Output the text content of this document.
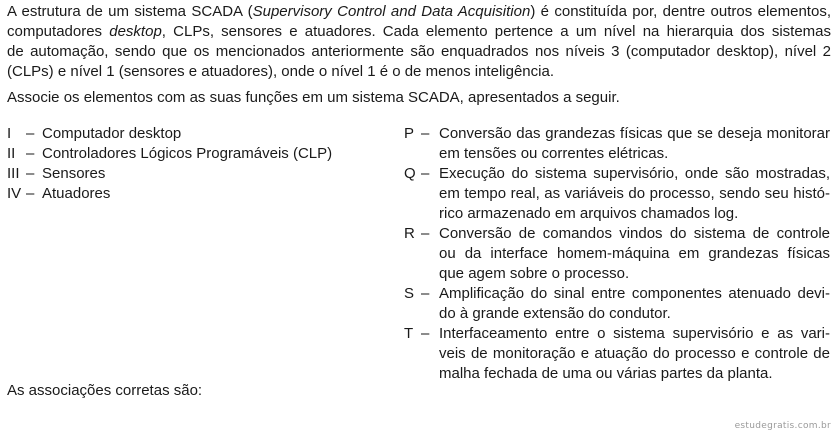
A estrutura de um sistema SCADA (Supervisory Control and Data Acquisition) é constituída por, dentre outros elementos,
computadores desktop, CLPs, sensores e atuadores. Cada elemento pertence a um nível na hierarquia dos sistemas
de automação, sendo que os mencionados anteriormente são enquadrados nos níveis 3 (computador desktop), nível 2
(CLPs) e nível 1 (sensores e atuadores), onde o nível 1 é o de menos inteligência.
Associe os elementos com as suas funções em um sistema SCADA, apresentados a seguir.
I – Computador desktop
II – Controladores Lógicos Programáveis (CLP)
III – Sensores
IV – Atuadores
P – Conversão das grandezas físicas que se deseja monitorar
em tensões ou correntes elétricas.
Q – Execução do sistema supervisório, onde são mostradas,
em tempo real, as variáveis do processo, sendo seu histó-
rico armazenado em arquivos chamados log.
R – Conversão de comandos vindos do sistema de controle
ou da interface homem-máquina em grandezas físicas
que agem sobre o processo.
S – Amplificação do sinal entre componentes atenuado devi-
do à grande extensão do condutor.
T – Interfaceamento entre o sistema supervisório e as vari-
veis de monitoração e atuação do processo e controle de
malha fechada de uma ou várias partes da planta.
As associações corretas são:
estudegratis.com.br
